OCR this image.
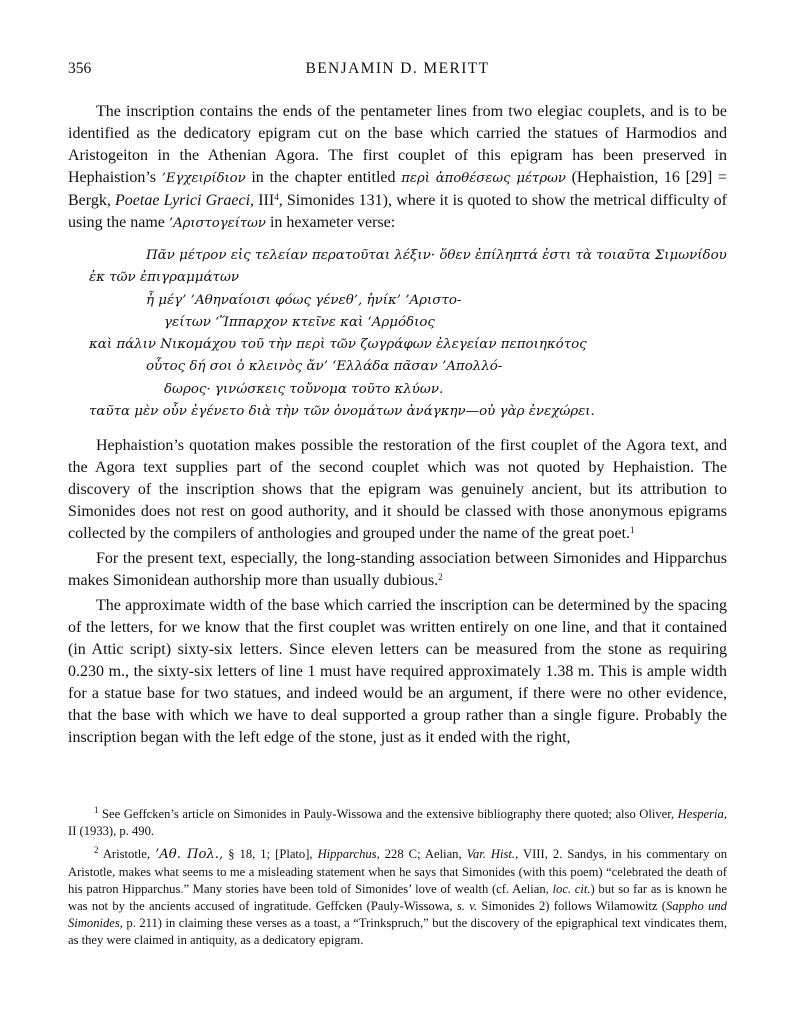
356	BENJAMIN D. MERITT

The inscription contains the ends of the pentameter lines from two elegiac couplets, and is to be identified as the dedicatory epigram cut on the base which carried the statues of Harmodios and Aristogeiton in the Athenian Agora. The first couplet of this epigram has been preserved in Hephaistion’s ’Εγχειρίδιον in the chapter entitled περὶ ἀποθέσεως μέτρων (Hephaistion, 16 [29] = Bergk, Poetae Lyrici Graeci, III$^4$, Simonides 131), where it is quoted to show the metrical difficulty of using the name ’Αριστογείτων in hexameter verse:

Πᾶν μέτρον εἰς τελείαν περατοῦται λέξιν· ὅθεν ἐπίληπτά ἐστι τὰ τοιαῦτα Σιμωνίδου
ἐκ τῶν ἐπιγραμμάτων
ἦ μέγ’ ’Αθηναίοισι φόως γένεθ’, ἡνίκ’ ’Αριστο-
γείτων ‘Ἵππαρχον κτεῖνε καὶ ‘Αρμόδιος
καὶ πάλιν Νικομάχου τοῦ τὴν περὶ τῶν ζωγράφων ἐλεγείαν πεποιηκότος
οὗτος δή σοι ὁ κλεινὸς ἄν’ ‘Ελλάδα πᾶσαν ’Απολλό-
δωρος· γινώσκεις τοὔνομα τοῦτο κλύων.
ταῦτα μὲν οὖν ἐγένετο διὰ τὴν τῶν ὀνομάτων ἀνάγκην—οὐ γὰρ ἐνεχώρει.

Hephaistion’s quotation makes possible the restoration of the first couplet of the Agora text, and the Agora text supplies part of the second couplet which was not quoted by Hephaistion. The discovery of the inscription shows that the epigram was genuinely ancient, but its attribution to Simonides does not rest on good authority, and it should be classed with those anonymous epigrams collected by the compilers of anthologies and grouped under the name of the great poet.$^1$

For the present text, especially, the long-standing association between Simonides and Hipparchus makes Simonidean authorship more than usually dubious.$^2$

The approximate width of the base which carried the inscription can be determined by the spacing of the letters, for we know that the first couplet was written entirely on one line, and that it contained (in Attic script) sixty-six letters. Since eleven letters can be measured from the stone as requiring 0.230 m., the sixty-six letters of line 1 must have required approximately 1.38 m. This is ample width for a statue base for two statues, and indeed would be an argument, if there were no other evidence, that the base with which we have to deal supported a group rather than a single figure. Probably the inscription began with the left edge of the stone, just as it ended with the right,

$^1$ See Geffcken’s article on Simonides in Pauly-Wissowa and the extensive bibliography there quoted; also Oliver, Hesperia, II (1933), p. 490.

$^2$ Aristotle, ’Αθ. Πολ., § 18, 1; [Plato], Hipparchus, 228 C; Aelian, Var. Hist., VIII, 2. Sandys, in his commentary on Aristotle, makes what seems to me a misleading statement when he says that Simonides (with this poem) “celebrated the death of his patron Hipparchus.” Many stories have been told of Simonides’ love of wealth (cf. Aelian, loc. cit.) but so far as is known he was not by the ancients accused of ingratitude. Geffcken (Pauly-Wissowa, s. v. Simonides 2) follows Wilamowitz (Sappho und Simonides, p. 211) in claiming these verses as a toast, a “Trinkspruch,” but the discovery of the epigraphical text vindicates them, as they were claimed in antiquity, as a dedicatory epigram.
